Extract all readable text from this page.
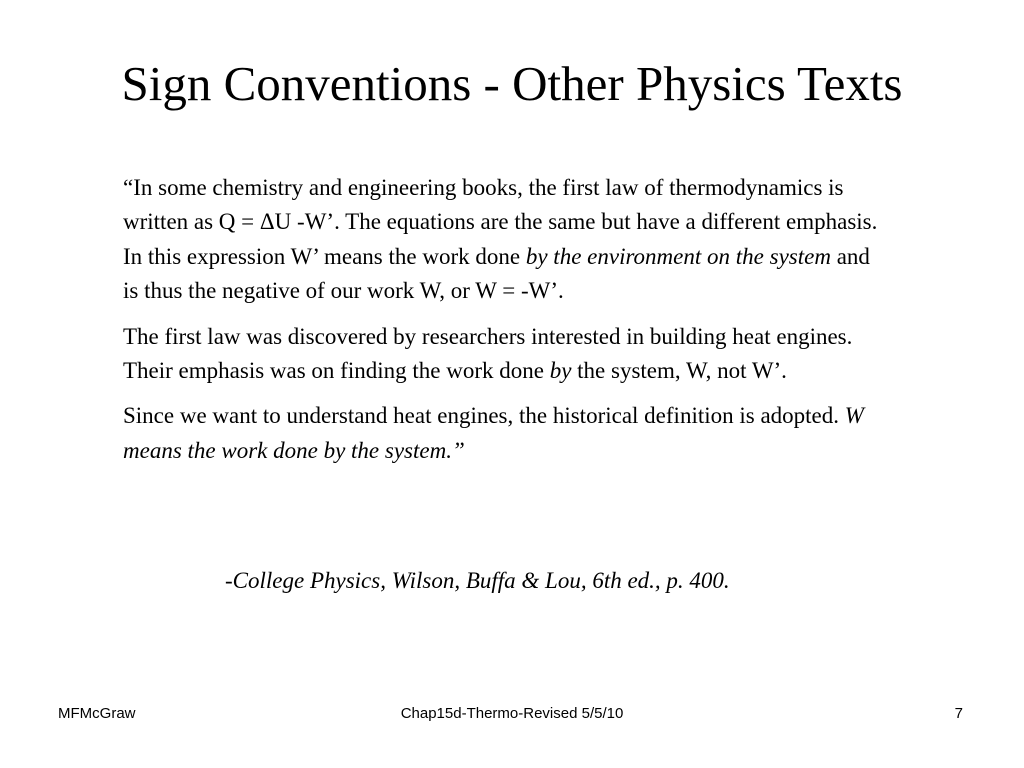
Sign Conventions - Other Physics Texts

“In some chemistry and engineering books, the first law of thermodynamics is written as Q = ΔU -W’. The equations are the same but have a different emphasis. In this expression W’ means the work done by the environment on the system and is thus the negative of our work W, or W = -W’.

The first law was discovered by researchers interested in building heat engines. Their emphasis was on finding the work done by the system, W, not W’.

Since we want to understand heat engines, the historical definition is adopted. W means the work done by the system.”

-College Physics, Wilson, Buffa & Lou, 6th ed., p. 400.
MFMcGraw	Chap15d-Thermo-Revised 5/5/10	7
